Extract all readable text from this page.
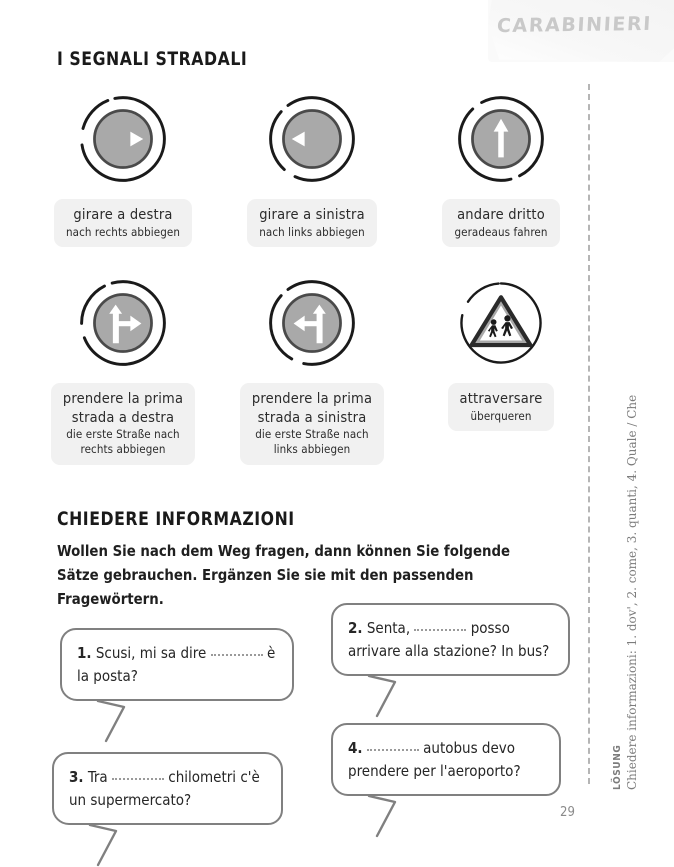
CARABINIERI
I SEGNALI STRADALI
girare a destra
nach rechts abbiegen
girare a sinistra
nach links abbiegen
andare dritto
geradeaus fahren
prendere la prima
strada a destra
die erste Straße nach
rechts abbiegen
prendere la prima
strada a sinistra
die erste Straße nach
links abbiegen
attraversare
überqueren
CHIEDERE INFORMAZIONI
Wollen Sie nach dem Weg fragen, dann können Sie folgende Sätze gebrauchen. Ergänzen Sie sie mit den passenden Fragewörtern.
1. Scusi, mi sa dire	è la posta?
2. Senta,	posso arrivare alla stazione? In bus?
3. Tra	chilometri c'è un supermercato?
4.	autobus devo prendere per l'aeroporto?	LÖSUNG Chiedere informazioni: 1. dov', 2. come, 3. quanti, 4. Quale / Che
29
